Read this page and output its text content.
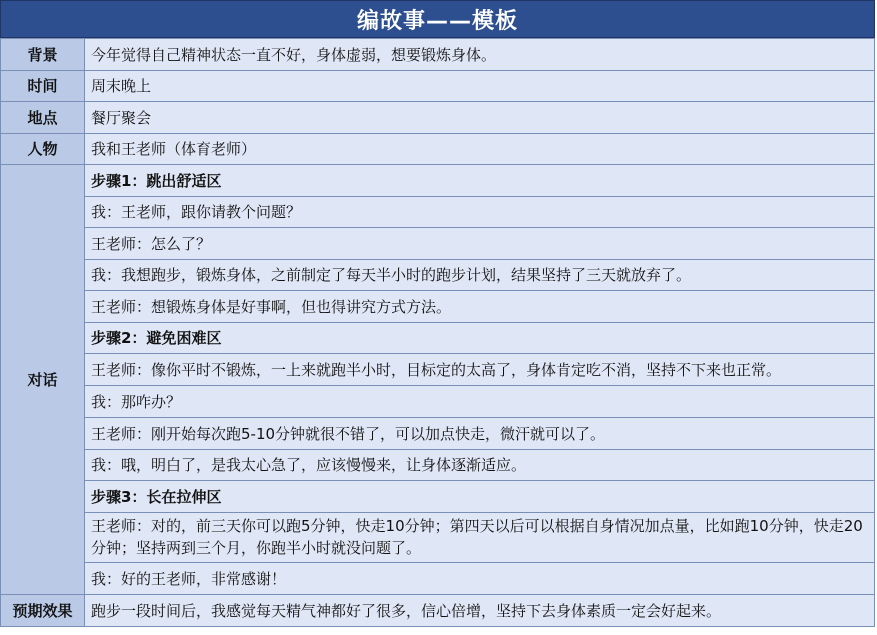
编故事——模板
背景	今年觉得自己精神状态一直不好，身体虚弱，想要锻炼身体。
时间	周末晚上
地点	餐厅聚会
人物	我和王老师（体育老师）
对话	步骤1：跳出舒适区
	我：王老师，跟你请教个问题？
	王老师：怎么了？
	我：我想跑步，锻炼身体，之前制定了每天半小时的跑步计划，结果坚持了三天就放弃了。
	王老师：想锻炼身体是好事啊，但也得讲究方式方法。
	步骤2：避免困难区
	王老师：像你平时不锻炼，一上来就跑半小时，目标定的太高了，身体肯定吃不消，坚持不下来也正常。
	我：那咋办？
	王老师：刚开始每次跑5-10分钟就很不错了，可以加点快走，微汗就可以了。
	我：哦，明白了，是我太心急了，应该慢慢来，让身体逐渐适应。
	步骤3：长在拉伸区
	王老师：对的，前三天你可以跑5分钟，快走10分钟；第四天以后可以根据自身情况加点量，比如跑10分钟，快走20分钟；坚持两到三个月，你跑半小时就没问题了。
	我：好的王老师，非常感谢！
预期效果	跑步一段时间后，我感觉每天精气神都好了很多，信心倍增，坚持下去身体素质一定会好起来。
